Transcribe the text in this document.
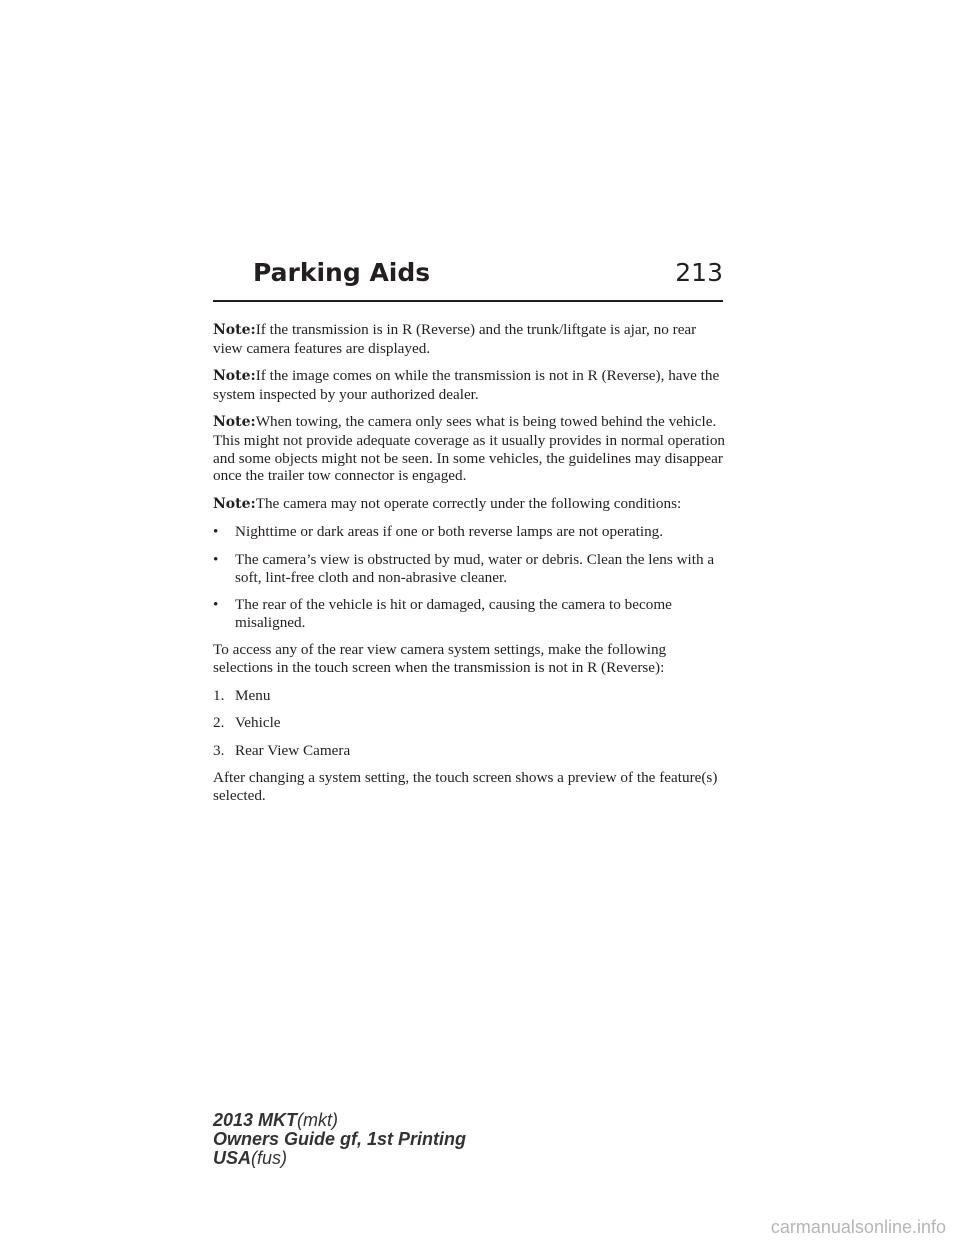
Parking Aids	213

Note:If the transmission is in R (Reverse) and the trunk/liftgate is ajar, no rear view camera features are displayed.

Note:If the image comes on while the transmission is not in R (Reverse), have the system inspected by your authorized dealer.

Note:When towing, the camera only sees what is being towed behind the vehicle. This might not provide adequate coverage as it usually provides in normal operation and some objects might not be seen. In some vehicles, the guidelines may disappear once the trailer tow connector is engaged.

Note:The camera may not operate correctly under the following conditions:

•	Nighttime or dark areas if one or both reverse lamps are not operating.
•	The camera’s view is obstructed by mud, water or debris. Clean the lens with a soft, lint-free cloth and non-abrasive cleaner.
•	The rear of the vehicle is hit or damaged, causing the camera to become misaligned.

To access any of the rear view camera system settings, make the following selections in the touch screen when the transmission is not in R (Reverse):

1. Menu
2. Vehicle
3. Rear View Camera

After changing a system setting, the touch screen shows a preview of the feature(s) selected.

2013 MKT(mkt)
Owners Guide gf, 1st Printing
USA(fus)
carmanualsonline.info
